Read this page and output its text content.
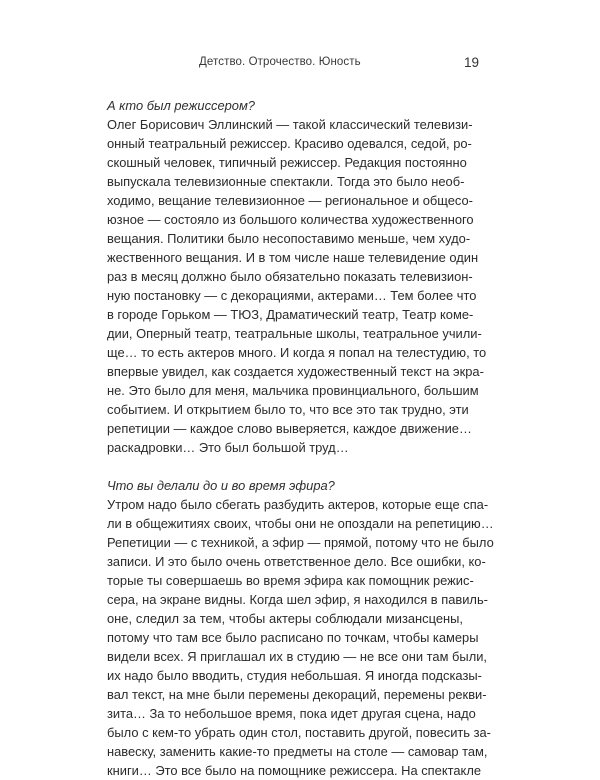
Детство. Отрочество. Юность	19
А кто был режиссером?
Олег Борисович Эллинский — такой классический телевизи-
онный театральный режиссер. Красиво одевался, седой, ро-
скошный человек, типичный режиссер. Редакция постоянно
выпускала телевизионные спектакли. Тогда это было необ-
ходимо, вещание телевизионное — региональное и общесо-
юзное — состояло из большого количества художественного
вещания. Политики было несопоставимо меньше, чем худо-
жественного вещания. И в том числе наше телевидение один
раз в месяц должно было обязательно показать телевизион-
ную постановку — с декорациями, актерами… Тем более что
в городе Горьком — ТЮЗ, Драматический театр, Театр коме-
дии, Оперный театр, театральные школы, театральное учили-
ще… то есть актеров много. И когда я попал на телестудию, то
впервые увидел, как создается художественный текст на экра-
не. Это было для меня, мальчика провинциального, большим
событием. И открытием было то, что все это так трудно, эти
репетиции — каждое слово выверяется, каждое движение…
раскадровки… Это был большой труд…
Что вы делали до и во время эфира?
Утром надо было сбегать разбудить актеров, которые еще спа-
ли в общежитиях своих, чтобы они не опоздали на репетицию…
Репетиции — с техникой, а эфир — прямой, потому что не было
записи. И это было очень ответственное дело. Все ошибки, ко-
торые ты совершаешь во время эфира как помощник режис-
сера, на экране видны. Когда шел эфир, я находился в павиль-
оне, следил за тем, чтобы актеры соблюдали мизансцены,
потому что там все было расписано по точкам, чтобы камеры
видели всех. Я приглашал их в студию — не все они там были,
их надо было вводить, студия небольшая. Я иногда подсказы-
вал текст, на мне были перемены декораций, перемены рекви-
зита… За то небольшое время, пока идет другая сцена, надо
было с кем-то убрать один стол, поставить другой, повесить за-
навеску, заменить какие-то предметы на столе — самовар там,
книги… Это все было на помощнике режиссера. На спектакле
